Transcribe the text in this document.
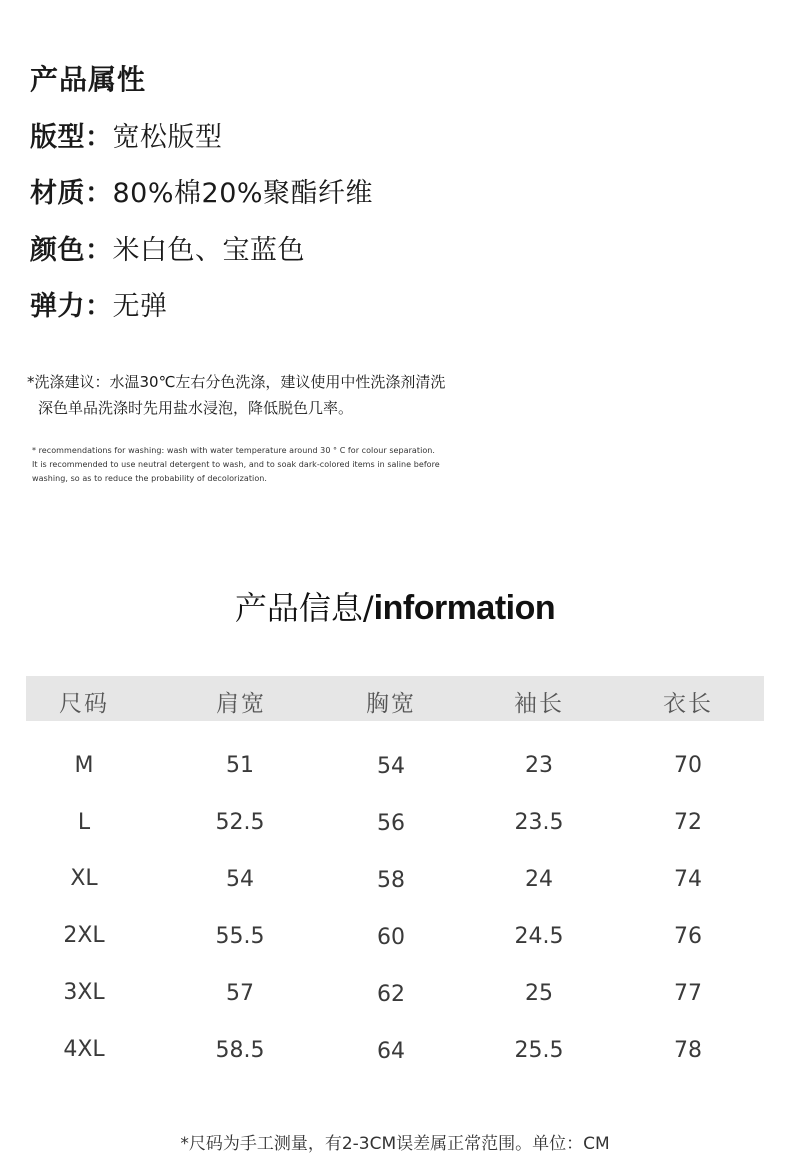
产品属性
版型：宽松版型
材质：80%棉20%聚酯纤维
颜色：米白色、宝蓝色
弹力：无弹
*洗涤建议：水温30℃左右分色洗涤，建议使用中性洗涤剂清洗
深色单品洗涤时先用盐水浸泡，降低脱色几率。
* recommendations for washing: wash with water temperature around 30 ° C for colour separation.
It is recommended to use neutral detergent to wash, and to soak dark-colored items in saline before
washing, so as to reduce the probability of decolorization.
产品信息/information
尺码	肩宽	胸宽	袖长	衣长
M	51	54	23	70
L	52.5	56	23.5	72
XL	54	58	24	74
2XL	55.5	60	24.5	76
3XL	57	62	25	77
4XL	58.5	64	25.5	78
*尺码为手工测量，有2-3CM误差属正常范围。单位：CM
